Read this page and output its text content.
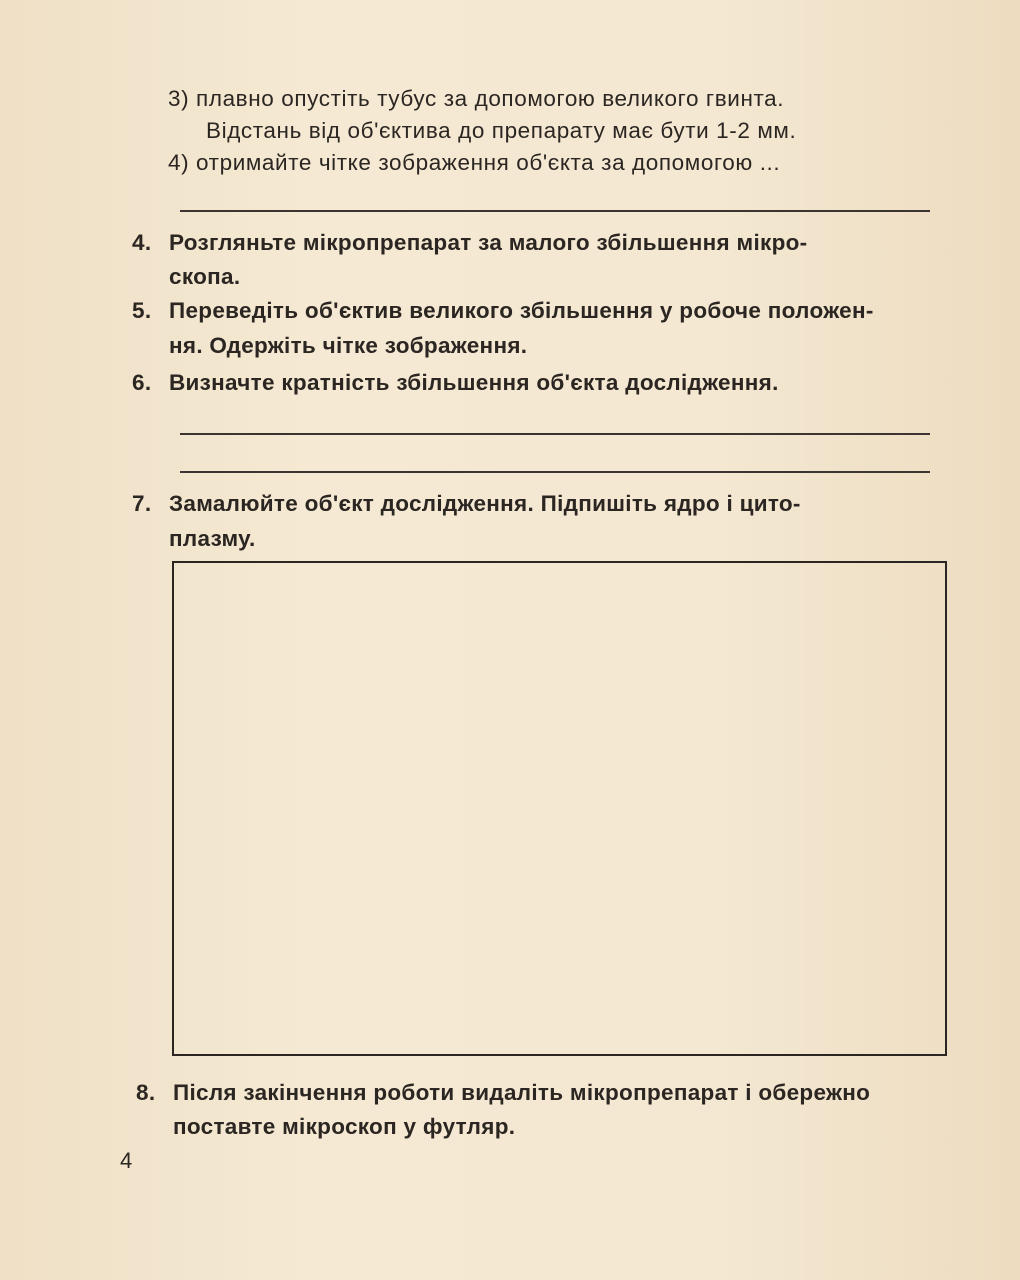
3) плавно опустіть тубус за допомогою великого гвинта.
Відстань від об'єктива до препарату має бути 1-2 мм.
4) отримайте чітке зображення об'єкта за допомогою ...
4. Розгляньте мікропрепарат за малого збільшення мікро-
скопа.
5. Переведіть об'єктив великого збільшення у робоче положен-
ня. Одержіть чітке зображення.
6. Визначте кратність збільшення об'єкта дослідження.
7. Замалюйте об'єкт дослідження. Підпишіть ядро і цито-
плазму.
8. Після закінчення роботи видаліть мікропрепарат і обережно
поставте мікроскоп у футляр.
4
